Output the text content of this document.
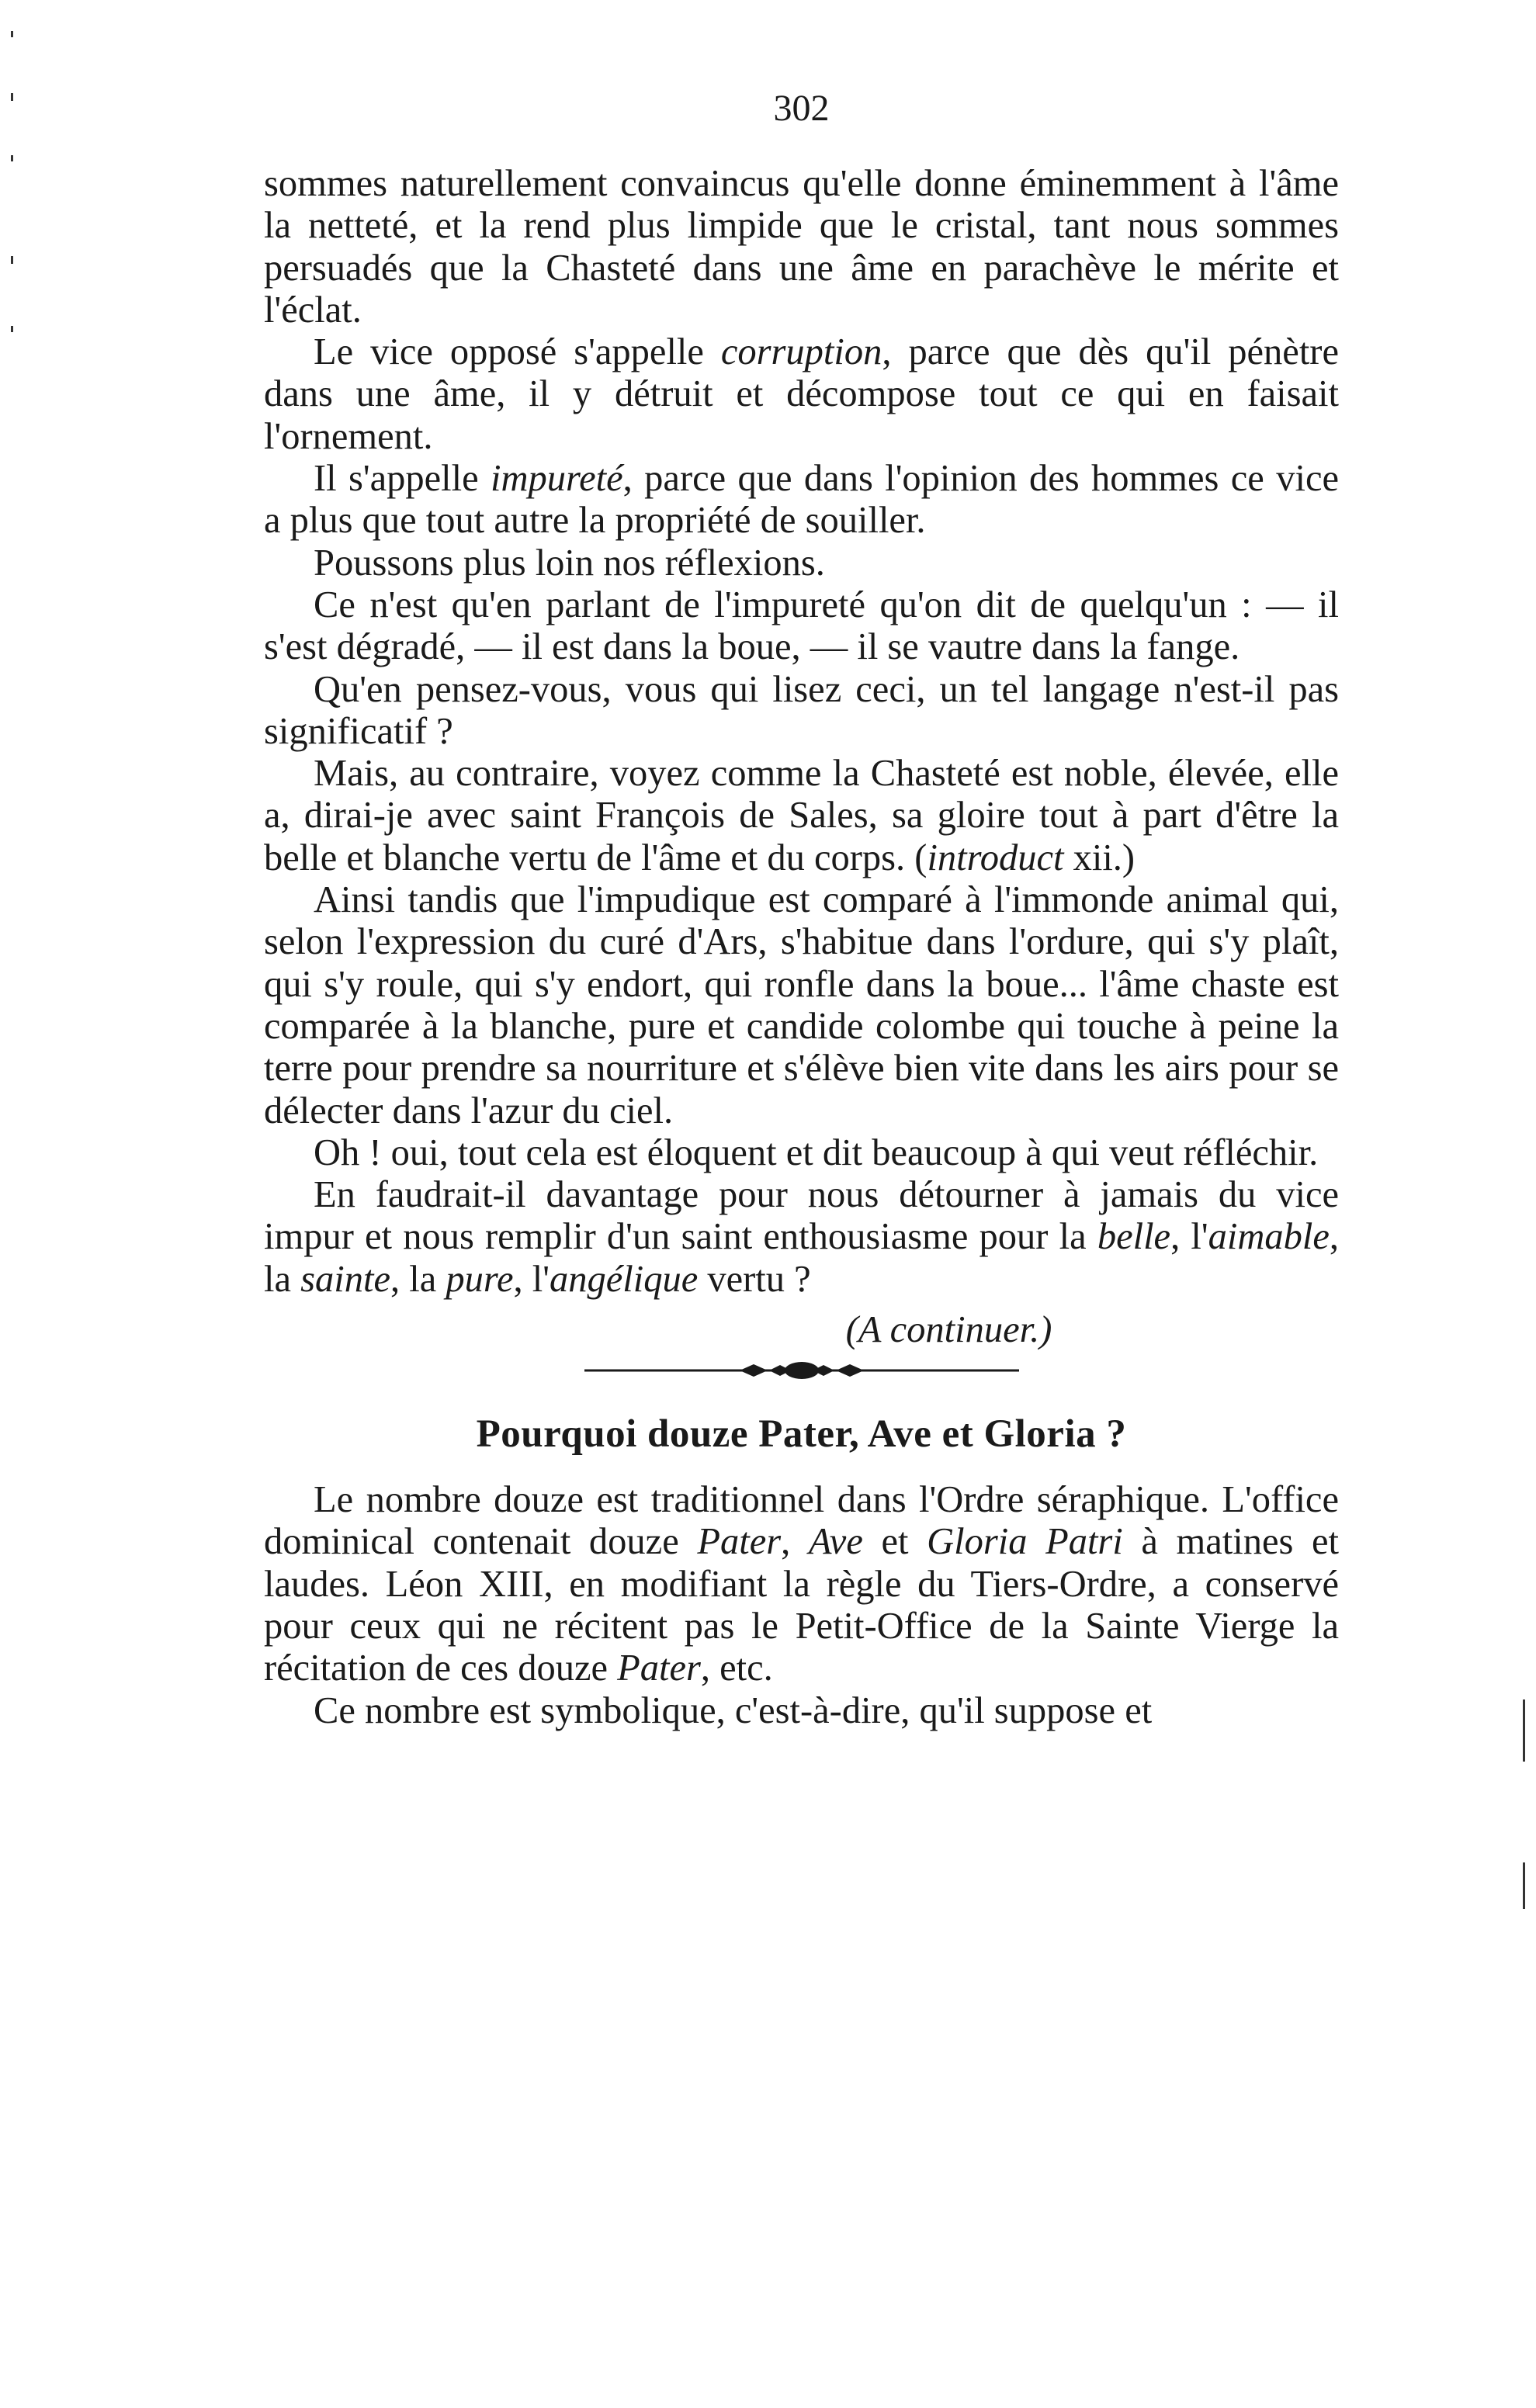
302

sommes naturellement convaincus qu'elle donne éminemment à l'âme la netteté, et la rend plus limpide que le cristal, tant nous sommes persuadés que la Chasteté dans une âme en parachève le mérite et l'éclat.

Le vice opposé s'appelle corruption, parce que dès qu'il pénètre dans une âme, il y détruit et décompose tout ce qui en faisait l'ornement.

Il s'appelle impureté, parce que dans l'opinion des hommes ce vice a plus que tout autre la propriété de souiller.

Poussons plus loin nos réflexions.

Ce n'est qu'en parlant de l'impureté qu'on dit de quelqu'un : — il s'est dégradé, — il est dans la boue, — il se vautre dans la fange.

Qu'en pensez-vous, vous qui lisez ceci, un tel langage n'est-il pas significatif ?

Mais, au contraire, voyez comme la Chasteté est noble, élevée, elle a, dirai-je avec saint François de Sales, sa gloire tout à part d'être la belle et blanche vertu de l'âme et du corps. (introduct xii.)

Ainsi tandis que l'impudique est comparé à l'immonde animal qui, selon l'expression du curé d'Ars, s'habitue dans l'ordure, qui s'y plaît, qui s'y roule, qui s'y endort, qui ronfle dans la boue... l'âme chaste est comparée à la blanche, pure et candide colombe qui touche à peine la terre pour prendre sa nourriture et s'élève bien vite dans les airs pour se délecter dans l'azur du ciel.

Oh ! oui, tout cela est éloquent et dit beaucoup à qui veut réfléchir.

En faudrait-il davantage pour nous détourner à jamais du vice impur et nous remplir d'un saint enthousiasme pour la belle, l'aimable, la sainte, la pure, l'angélique vertu ?

(A continuer.)
Pourquoi douze Pater, Ave et Gloria ?

Le nombre douze est traditionnel dans l'Ordre séraphique. L'office dominical contenait douze Pater, Ave et Gloria Patri à matines et laudes. Léon XIII, en modifiant la règle du Tiers-Ordre, a conservé pour ceux qui ne récitent pas le Petit-Office de la Sainte Vierge la récitation de ces douze Pater, etc.

Ce nombre est symbolique, c'est-à-dire, qu'il suppose et
